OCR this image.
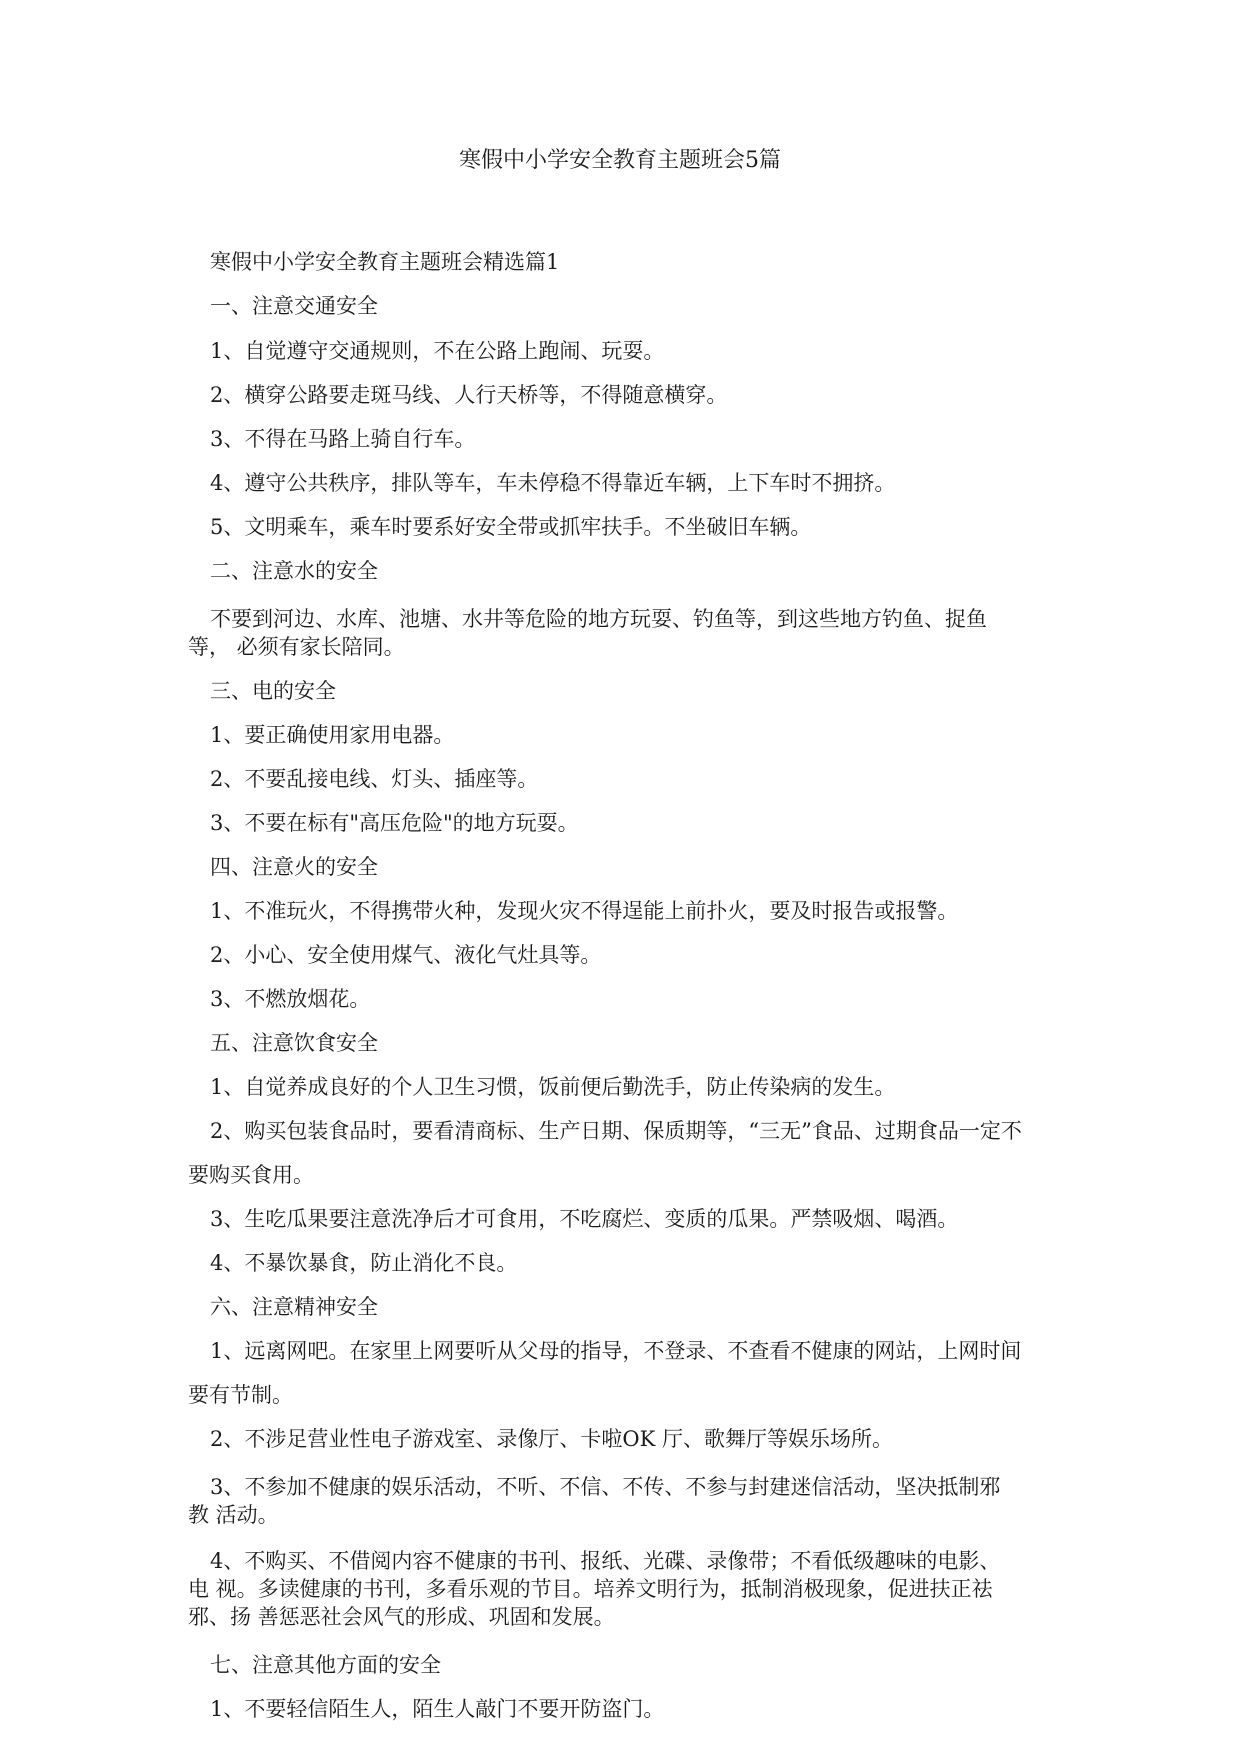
寒假中小学安全教育主题班会5篇
寒假中小学安全教育主题班会精选篇1
一、注意交通安全
1、自觉遵守交通规则，不在公路上跑闹、玩耍。
2、横穿公路要走斑马线、人行天桥等，不得随意横穿。
3、不得在马路上骑自行车。
4、遵守公共秩序，排队等车，车未停稳不得靠近车辆，上下车时不拥挤。
5、文明乘车，乘车时要系好安全带或抓牢扶手。不坐破旧车辆。
二、注意水的安全
不要到河边、水库、池塘、水井等危险的地方玩耍、钓鱼等，到这些地方钓鱼、捉鱼
等， 必须有家长陪同。
三、电的安全
1、要正确使用家用电器。
2、不要乱接电线、灯头、插座等。
3、不要在标有"高压危险"的地方玩耍。
四、注意火的安全
1、不准玩火，不得携带火种，发现火灾不得逞能上前扑火，要及时报告或报警。
2、小心、安全使用煤气、液化气灶具等。
3、不燃放烟花。
五、注意饮食安全
1、自觉养成良好的个人卫生习惯，饭前便后勤洗手，防止传染病的发生。
2、购买包装食品时，要看清商标、生产日期、保质期等，“三无”食品、过期食品一定不
要购买食用。
3、生吃瓜果要注意洗净后才可食用，不吃腐烂、变质的瓜果。严禁吸烟、喝酒。
4、不暴饮暴食，防止消化不良。
六、注意精神安全
1、远离网吧。在家里上网要听从父母的指导，不登录、不查看不健康的网站，上网时间
要有节制。
2、不涉足营业性电子游戏室、录像厅、卡啦OK 厅、歌舞厅等娱乐场所。
3、不参加不健康的娱乐活动，不听、不信、不传、不参与封建迷信活动，坚决抵制邪
教 活动。
4、不购买、不借阅内容不健康的书刊、报纸、光碟、录像带；不看低级趣味的电影、
电 视。多读健康的书刊，多看乐观的节目。培养文明行为，抵制消极现象，促进扶正祛
邪、扬 善惩恶社会风气的形成、巩固和发展。
七、注意其他方面的安全
1、不要轻信陌生人，陌生人敲门不要开防盗门。
